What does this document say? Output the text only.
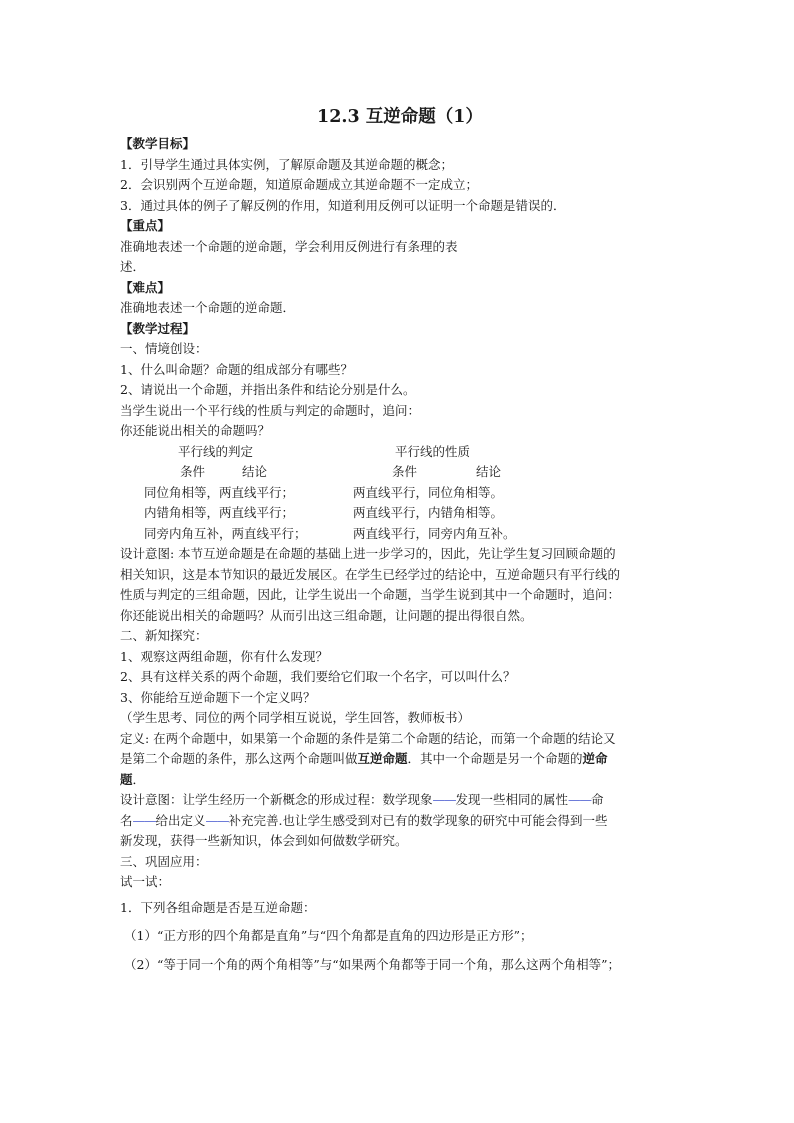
12.3 互逆命题（1）

【教学目标】

1．引导学生通过具体实例，了解原命题及其逆命题的概念；

2．会识别两个互逆命题，知道原命题成立其逆命题不一定成立；

3．通过具体的例子了解反例的作用，知道利用反例可以证明一个命题是错误的．

【重点】

准确地表述一个命题的逆命题，学会利用反例进行有条理的表

述．

【难点】

准确地表述一个命题的逆命题．

【教学过程】

一、情境创设：

1、什么叫命题？命题的组成部分有哪些？

2、请说出一个命题，并指出条件和结论分别是什么。

当学生说出一个平行线的性质与判定的命题时，追问：

你还能说出相关的命题吗？

平行线的判定	平行线的性质
条件	结论	条件	结论
同位角相等，两直线平行；	两直线平行，同位角相等。
内错角相等，两直线平行；	两直线平行，内错角相等。
同旁内角互补，两直线平行；	两直线平行，同旁内角互补。

设计意图: 本节互逆命题是在命题的基础上进一步学习的，因此，先让学生复习回顾命题的

相关知识，这是本节知识的最近发展区。在学生已经学过的结论中，互逆命题只有平行线的

性质与判定的三组命题，因此，让学生说出一个命题，当学生说到其中一个命题时，追问：

你还能说出相关的命题吗？从而引出这三组命题，让问题的提出得很自然。

二、新知探究：

1、观察这两组命题，你有什么发现？

2、具有这样关系的两个命题，我们要给它们取一个名字，可以叫什么？

3、你能给互逆命题下一个定义吗？

（学生思考、同位的两个同学相互说说，学生回答，教师板书）

定义: 在两个命题中，如果第一个命题的条件是第二个命题的结论，而第一个命题的结论又

是第二个命题的条件，那么这两个命题叫做互逆命题．其中一个命题是另一个命题的逆命

题．

设计意图：让学生经历一个新概念的形成过程：数学现象——发现一些相同的属性——命

名——给出定义——补充完善.也让学生感受到对已有的数学现象的研究中可能会得到一些

新发现，获得一些新知识，体会到如何做数学研究。

三、巩固应用：

试一试：

1．下列各组命题是否是互逆命题：

（1）“正方形的四个角都是直角”与“四个角都是直角的四边形是正方形”；

（2）“等于同一个角的两个角相等”与“如果两个角都等于同一个角，那么这两个角相等”；
